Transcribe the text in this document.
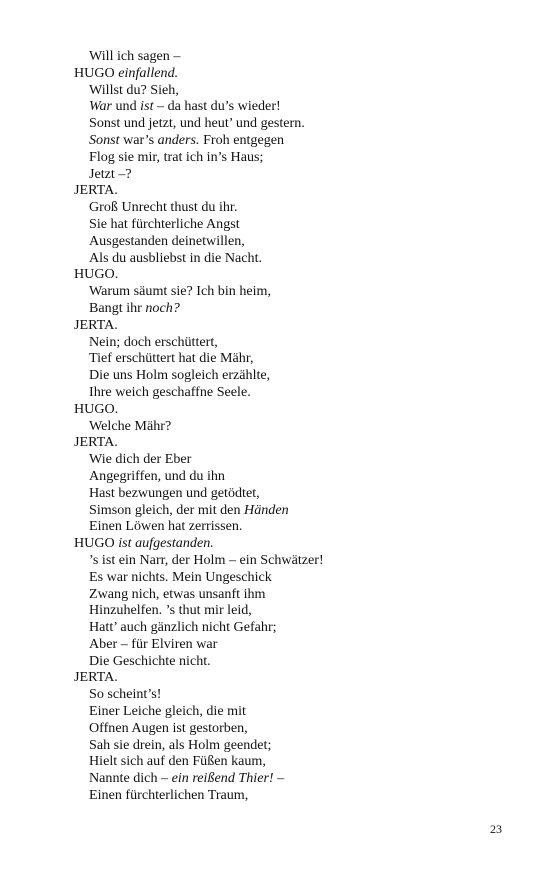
Will ich sagen –
HUGO einfallend.
Willst du? Sieh,
War und ist – da hast du’s wieder!
Sonst und jetzt, und heut’ und gestern.
Sonst war’s anders. Froh entgegen
Flog sie mir, trat ich in’s Haus;
Jetzt –?
JERTA.
Groß Unrecht thust du ihr.
Sie hat fürchterliche Angst
Ausgestanden deinetwillen,
Als du ausbliebst in die Nacht.
HUGO.
Warum säumt sie? Ich bin heim,
Bangt ihr noch?
JERTA.
Nein; doch erschüttert,
Tief erschüttert hat die Mähr,
Die uns Holm sogleich erzählte,
Ihre weich geschaffne Seele.
HUGO.
Welche Mähr?
JERTA.
Wie dich der Eber
Angegriffen, und du ihn
Hast bezwungen und getödtet,
Simson gleich, der mit den Händen
Einen Löwen hat zerrissen.
HUGO ist aufgestanden.
’s ist ein Narr, der Holm – ein Schwätzer!
Es war nichts. Mein Ungeschick
Zwang nich, etwas unsanft ihm
Hinzuhelfen. ’s thut mir leid,
Hatt’ auch gänzlich nicht Gefahr;
Aber – für Elviren war
Die Geschichte nicht.
JERTA.
So scheint’s!
Einer Leiche gleich, die mit
Offnen Augen ist gestorben,
Sah sie drein, als Holm geendet;
Hielt sich auf den Füßen kaum,
Nannte dich – ein reißend Thier! –
Einen fürchterlichen Traum,
23
